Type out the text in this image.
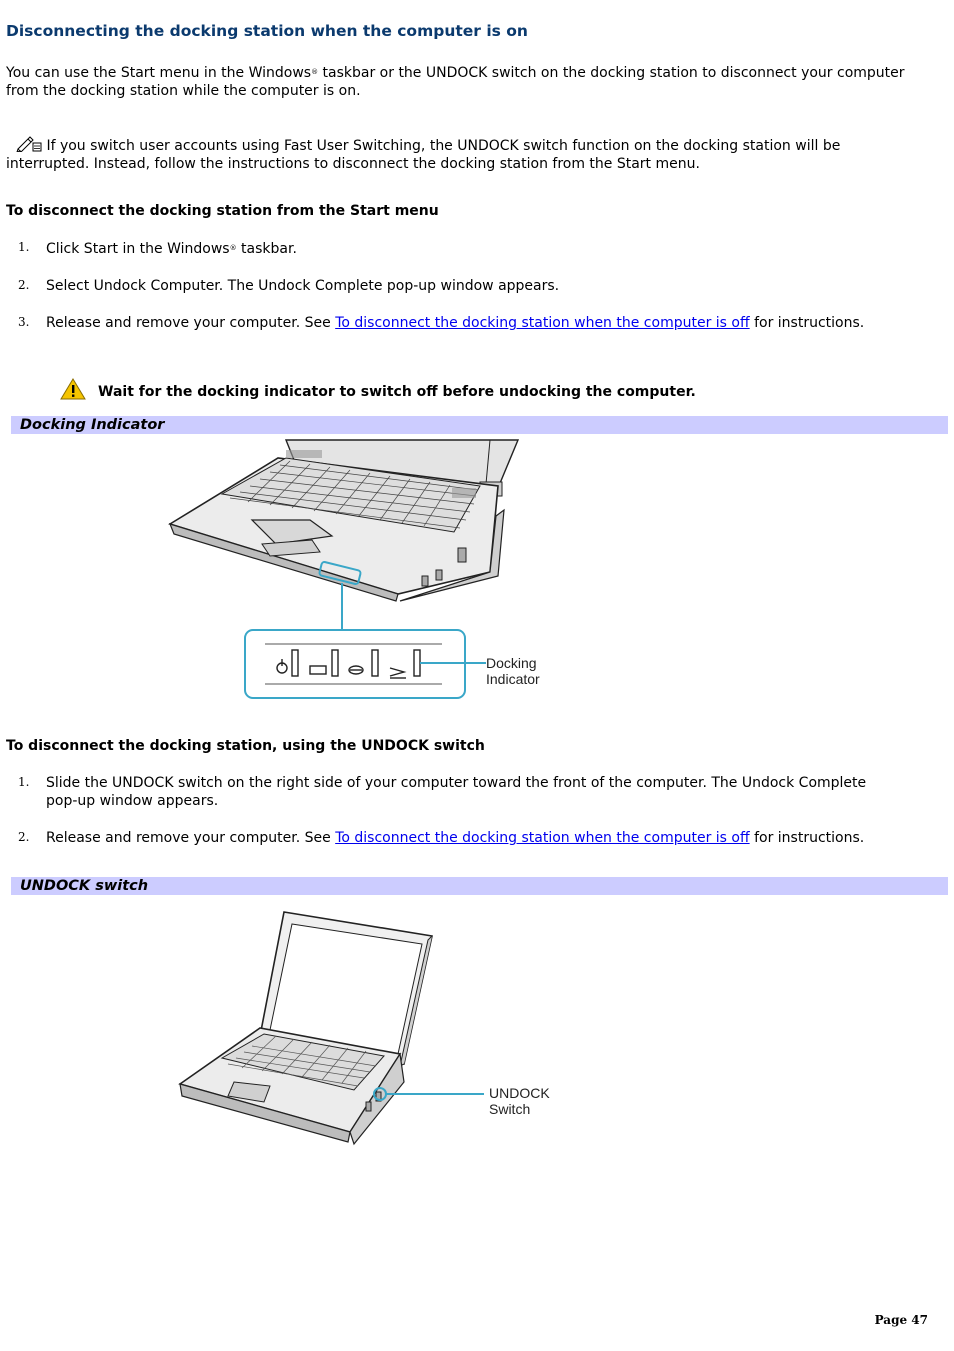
Disconnecting the docking station when the computer is on
You can use the Start menu in the Windows® taskbar or the UNDOCK switch on the docking station to disconnect your computer from the docking station while the computer is on.
If you switch user accounts using Fast User Switching, the UNDOCK switch function on the docking station will be interrupted. Instead, follow the instructions to disconnect the docking station from the Start menu.
To disconnect the docking station from the Start menu
1. Click Start in the Windows® taskbar.
2. Select Undock Computer. The Undock Complete pop-up window appears.
3. Release and remove your computer. See To disconnect the docking station when the computer is off for instructions.
Wait for the docking indicator to switch off before undocking the computer.
Docking Indicator
Docking
Indicator
To disconnect the docking station, using the UNDOCK switch
1. Slide the UNDOCK switch on the right side of your computer toward the front of the computer. The Undock Complete pop-up window appears.
2. Release and remove your computer. See To disconnect the docking station when the computer is off for instructions.
UNDOCK switch
UNDOCK
Switch
Page 47
